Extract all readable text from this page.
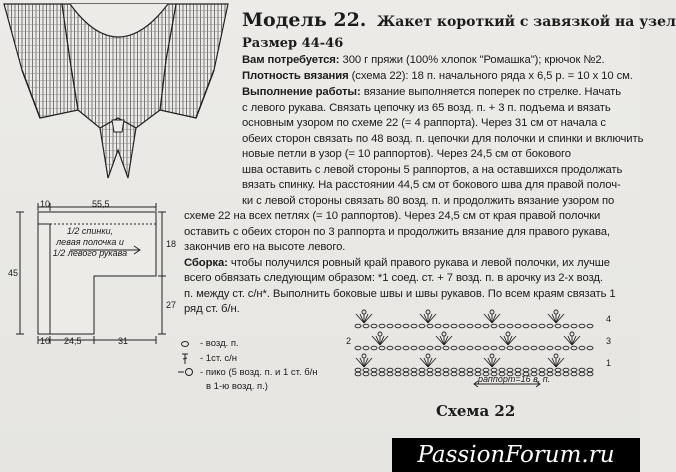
Модель 22. Жакет короткий с завязкой на узел
Размер 44-46
Вам потребуется: 300 г пряжи (100% хлопок "Ромашка"); крючок №2.
Плотность вязания (схема 22): 18 п. начального ряда х 6,5 р. = 10 х 10 см.
Выполнение работы: вязание выполняется поперек по стрелке. Начать
с левого рукава. Связать цепочку из 65 возд. п. + 3 п. подъема и вязать
основным узором по схеме 22 (= 4 раппорта). Через 31 см от начала с
обеих сторон связать по 48 возд. п. цепочки для полочки и спинки и включить
новые петли в узор (= 10 раппортов). Через 24,5 см от бокового
шва оставить с левой стороны 5 раппортов, а на оставшихся продолжать
вязать спинку. На расстоянии 44,5 см от бокового шва для правой полоч-
ки с левой стороны связать 80 возд. п. и продолжить вязание узором по
схеме 22 на всех петлях (= 10 раппортов). Через 24,5 см от края правой полочки
оставить с обеих сторон по 3 раппорта и продолжить вязание для правого рукава,
закончив его на высоте левого.
Сборка: чтобы получился ровный край правого рукава и левой полочки, их лучше
всего обвязать следующим образом: *1 соед. ст. + 7 возд. п. в арочку из 2-х возд.
п. между ст. с/н*. Выполнить боковые швы и швы рукавов. По всем краям связать 1
ряд ст. б/н.
10	55,5
45
18
27
10 24,5	31
1/2 спинки,
левая полочка и
1/2 левого рукава
- возд. п.
- 1ст. с/н
- пико (5 возд. п. и 1 ст. б/н
в 1-ю возд. п.)
4
3
2
1
раппорт=16 в. п.
Схема 22
PassionForum.ru
